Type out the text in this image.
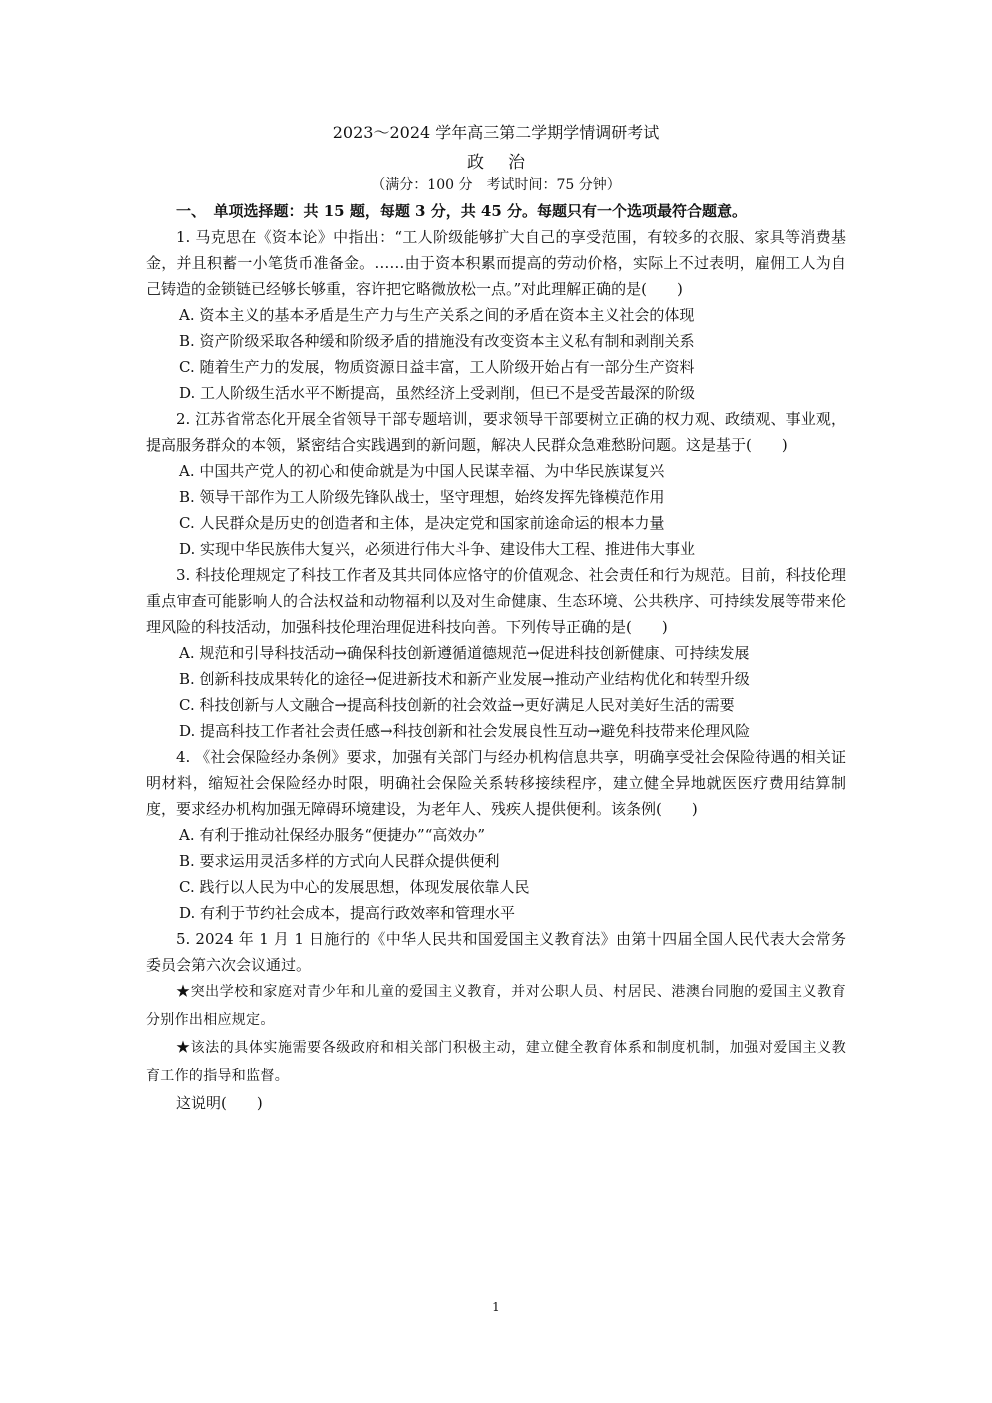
2023～2024 学年高三第二学期学情调研考试
政治
（满分：100 分　考试时间：75 分钟）
一、　单项选择题：共 15 题，每题 3 分，共 45 分。每题只有一个选项最符合题意。

1. 马克思在《资本论》中指出：“工人阶级能够扩大自己的享受范围，有较多的衣服、家具等消费基金，并且积蓄一小笔货币准备金。……由于资本积累而提高的劳动价格，实际上不过表明，雇佣工人为自己铸造的金锁链已经够长够重，容许把它略微放松一点。”对此理解正确的是(　　)

A. 资本主义的基本矛盾是生产力与生产关系之间的矛盾在资本主义社会的体现

B. 资产阶级采取各种缓和阶级矛盾的措施没有改变资本主义私有制和剥削关系

C. 随着生产力的发展，物质资源日益丰富，工人阶级开始占有一部分生产资料

D. 工人阶级生活水平不断提高，虽然经济上受剥削，但已不是受苦最深的阶级

2. 江苏省常态化开展全省领导干部专题培训，要求领导干部要树立正确的权力观、政绩观、事业观，提高服务群众的本领，紧密结合实践遇到的新问题，解决人民群众急难愁盼问题。这是基于(　　)

A. 中国共产党人的初心和使命就是为中国人民谋幸福、为中华民族谋复兴

B. 领导干部作为工人阶级先锋队战士，坚守理想，始终发挥先锋模范作用

C. 人民群众是历史的创造者和主体，是决定党和国家前途命运的根本力量

D. 实现中华民族伟大复兴，必须进行伟大斗争、建设伟大工程、推进伟大事业

3. 科技伦理规定了科技工作者及其共同体应恪守的价值观念、社会责任和行为规范。目前，科技伦理重点审查可能影响人的合法权益和动物福利以及对生命健康、生态环境、公共秩序、可持续发展等带来伦理风险的科技活动，加强科技伦理治理促进科技向善。下列传导正确的是(　　)

A. 规范和引导科技活动→确保科技创新遵循道德规范→促进科技创新健康、可持续发展

B. 创新科技成果转化的途径→促进新技术和新产业发展→推动产业结构优化和转型升级

C. 科技创新与人文融合→提高科技创新的社会效益→更好满足人民对美好生活的需要

D. 提高科技工作者社会责任感→科技创新和社会发展良性互动→避免科技带来伦理风险

4. 《社会保险经办条例》要求，加强有关部门与经办机构信息共享，明确享受社会保险待遇的相关证明材料，缩短社会保险经办时限，明确社会保险关系转移接续程序，建立健全异地就医医疗费用结算制度，要求经办机构加强无障碍环境建设，为老年人、残疾人提供便利。该条例(　　)

A. 有利于推动社保经办服务“便捷办”“高效办”

B. 要求运用灵活多样的方式向人民群众提供便利

C. 践行以人民为中心的发展思想，体现发展依靠人民

D. 有利于节约社会成本，提高行政效率和管理水平

5. 2024 年 1 月 1 日施行的《中华人民共和国爱国主义教育法》由第十四届全国人民代表大会常务委员会第六次会议通过。

★突出学校和家庭对青少年和儿童的爱国主义教育，并对公职人员、村居民、港澳台同胞的爱国主义教育分别作出相应规定。

★该法的具体实施需要各级政府和相关部门积极主动，建立健全教育体系和制度机制，加强对爱国主义教育工作的指导和监督。

这说明(　　)

1
